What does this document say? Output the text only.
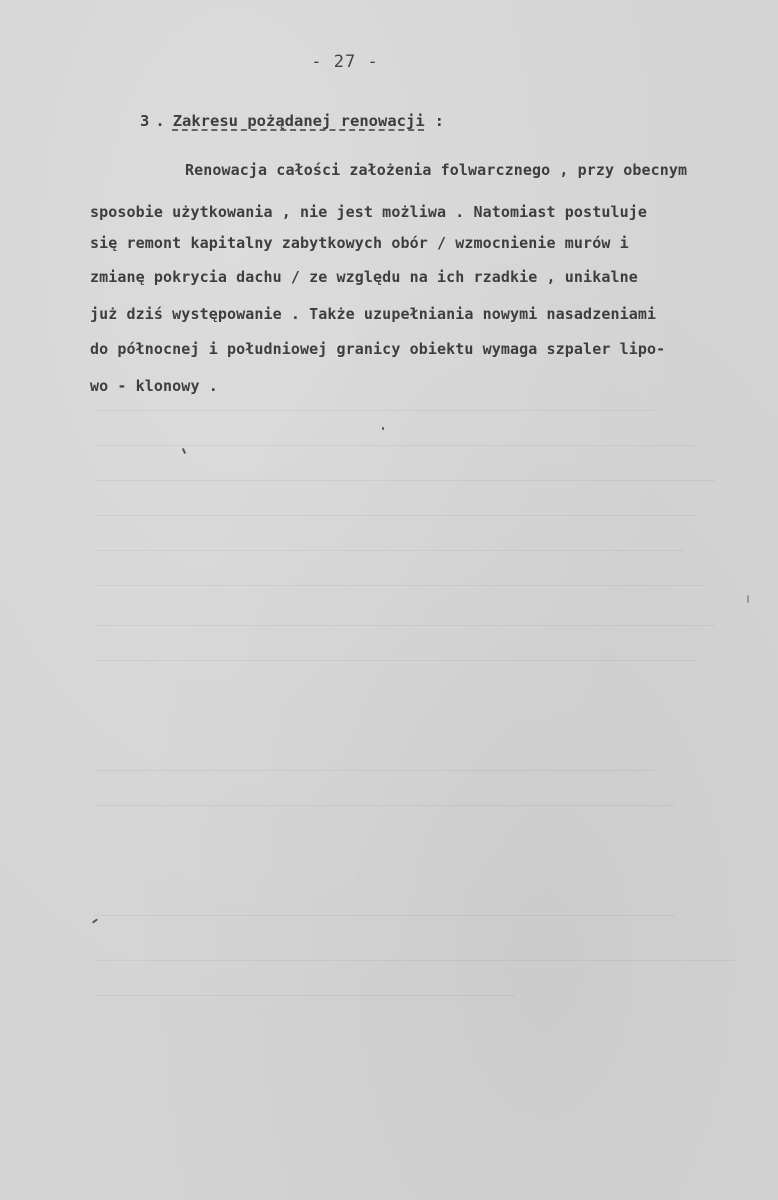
- 27 -
3 . Zakresu pożądanej renowacji :
Renowacja całości założenia folwarcznego , przy obecnym
sposobie użytkowania , nie jest możliwa . Natomiast postuluje
się remont kapitalny zabytkowych obór / wzmocnienie murów i
zmianę pokrycia dachu / ze względu na ich rzadkie , unikalne
już dziś występowanie . Także uzupełniania nowymi nasadzeniami
do północnej i południowej granicy obiektu wymaga szpaler lipo-
wo - klonowy .
